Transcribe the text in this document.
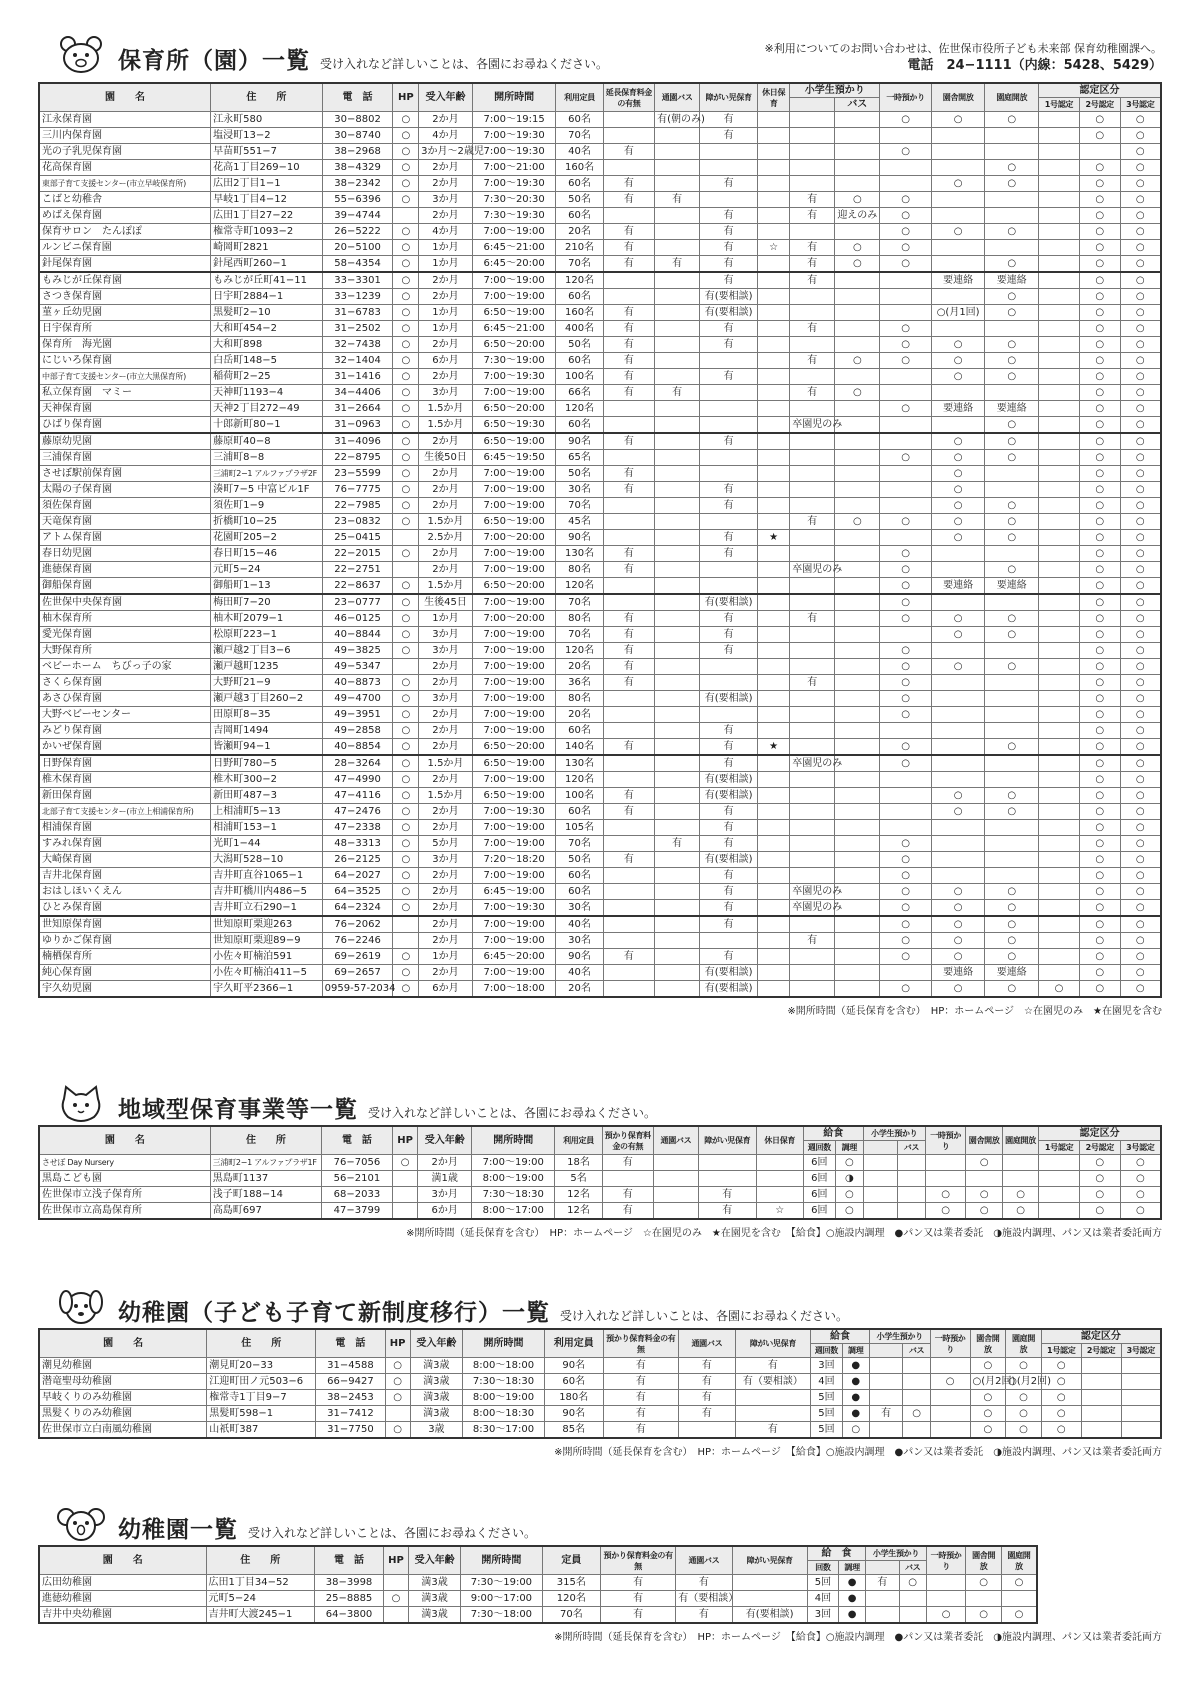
保育所（園）一覧 受け入れなど詳しいことは、各園にお尋ねください。
※利用についてのお問い合わせは、佐世保市役所子ども未来部 保育幼稚園課へ。
電話　24−1111（内線：5428、5429）
園　　名	住　　所	電　話	HP	受入年齢	開所時間	利用定員	延長保育料金の有無	通園バス	障がい児保育	休日保育	小学生預かり		一時預かり	園舎開放	園庭開放	認定区分		
												バス				1号認定	2号認定	3号認定
江永保育園	江永町580	30−8802	○	2か月	7:00〜19:15	60名		有(朝のみ)	有				○	○	○		○	○
三川内保育園	塩浸町13−2	30−8740	○	4か月	7:00〜19:30	70名			有								○	○
光の子乳児保育園	早苗町551−7	38−2968	○	3か月〜2歳児	7:00〜19:30	40名	有						○					○
花高保育園	花高1丁目269−10	38−4329	○	2か月	7:00〜21:00	160名									○		○	○
東部子育て支援センター(市立早岐保育所)	広田2丁目1−1	38−2342	○	2か月	7:00〜19:30	60名	有		有					○	○		○	○
こばと幼稚舎	早岐1丁目4−12	55−6396	○	3か月	7:30〜20:30	50名	有	有			有	○	○				○	○
めばえ保育園	広田1丁目27−22	39−4744		2か月	7:30〜19:30	60名			有		有	迎えのみ	○				○	○
保育サロン　たんぽぽ	権常寺町1093−2	26−5222	○	4か月	7:00〜19:00	20名	有		有				○	○	○		○	○
ルンビニ保育園	崎岡町2821	20−5100	○	1か月	6:45〜21:00	210名	有		有	☆	有	○	○				○	○
針尾保育園	針尾西町260−1	58−4354	○	1か月	6:45〜20:00	70名	有	有	有		有	○	○		○		○	○
もみじが丘保育園	もみじが丘町41−11	33−3301	○	2か月	7:00〜19:00	120名			有		有			要連絡	要連絡		○	○
さつき保育園	日宇町2884−1	33−1239	○	2か月	7:00〜19:00	60名			有(要相談)						○		○	○
菫ヶ丘幼児園	黒髪町2−10	31−6783	○	1か月	6:50〜19:00	160名	有		有(要相談)					○(月1回)	○		○	○
日宇保育所	大和町454−2	31−2502	○	1か月	6:45〜21:00	400名	有		有		有		○				○	○
保育所　海光園	大和町898	32−7438	○	2か月	6:50〜20:00	50名	有		有				○	○	○		○	○
にじいろ保育園	白岳町148−5	32−1404	○	6か月	7:30〜19:00	60名	有				有	○	○	○	○		○	○
中部子育て支援センター(市立大黒保育所)	稲荷町2−25	31−1416	○	2か月	7:00〜19:30	100名	有		有					○	○		○	○
私立保育園　マミー	天神町1193−4	34−4406	○	3か月	7:00〜19:00	66名	有	有			有	○					○	○
天神保育園	天神2丁目272−49	31−2664	○	1.5か月	6:50〜20:00	120名							○	要連絡	要連絡		○	○
ひばり保育園	十郎新町80−1	31−0963	○	1.5か月	6:50〜19:30	60名					卒園児のみ				○		○	○
藤原幼児園	藤原町40−8	31−4096	○	2か月	6:50〜19:00	90名	有		有					○	○		○	○
三浦保育園	三浦町8−8	22−8795	○	生後50日	6:45〜19:50	65名							○	○	○		○	○
させぼ駅前保育園	三浦町2−1 アルファプラザ2F	23−5599	○	2か月	7:00〜19:00	50名	有							○			○	○
太陽の子保育園	湊町7−5 中富ビル1F	76−7775	○	2か月	7:00〜19:00	30名	有		有					○			○	○
須佐保育園	須佐町1−9	22−7985	○	2か月	7:00〜19:00	70名			有					○	○		○	○
天竜保育園	折橋町10−25	23−0832	○	1.5か月	6:50〜19:00	45名					有	○	○	○	○		○	○
アトム保育園	花園町205−2	25−0415		2.5か月	7:00〜20:00	90名			有	★				○	○		○	○
春日幼児園	春日町15−46	22−2015	○	2か月	7:00〜19:00	130名	有		有				○				○	○
進徳保育園	元町5−24	22−2751		2か月	7:00〜19:00	80名	有				卒園児のみ		○		○		○	○
御船保育園	御船町1−13	22−8637	○	1.5か月	6:50〜20:00	120名							○	要連絡	要連絡		○	○
佐世保中央保育園	梅田町7−20	23−0777	○	生後45日	7:00〜19:00	70名			有(要相談)				○				○	○
柚木保育所	柚木町2079−1	46−0125	○	1か月	7:00〜20:00	80名	有		有		有		○	○	○		○	○
愛光保育園	松原町223−1	40−8844	○	3か月	7:00〜19:00	70名	有		有					○	○		○	○
大野保育所	瀬戸越2丁目3−6	49−3825	○	3か月	7:00〜19:00	120名	有		有				○				○	○
ベビーホーム　ちびっ子の家	瀬戸越町1235	49−5347		2か月	7:00〜19:00	20名	有						○	○	○		○	○
さくら保育園	大野町21−9	40−8873	○	2か月	7:00〜19:00	36名	有				有		○				○	○
あさひ保育園	瀬戸越3丁目260−2	49−4700	○	3か月	7:00〜19:00	80名			有(要相談)				○				○	○
大野ベビーセンター	田原町8−35	49−3951	○	2か月	7:00〜19:00	20名							○				○	○
みどり保育園	吉岡町1494	49−2858	○	2か月	7:00〜19:00	60名			有								○	○
かいぜ保育園	皆瀬町94−1	40−8854	○	2か月	6:50〜20:00	140名	有		有	★			○		○		○	○
日野保育園	日野町780−5	28−3264	○	1.5か月	6:50〜19:00	130名			有		卒園児のみ		○				○	○
椎木保育園	椎木町300−2	47−4990	○	2か月	7:00〜19:00	120名			有(要相談)								○	○
新田保育園	新田町487−3	47−4116	○	1.5か月	6:50〜19:00	100名	有		有(要相談)					○	○		○	○
北部子育て支援センター(市立上相浦保育所)	上相浦町5−13	47−2476	○	2か月	7:00〜19:30	60名	有		有					○	○		○	○
相浦保育園	相浦町153−1	47−2338	○	2か月	7:00〜19:00	105名			有								○	○
すみれ保育園	光町1−44	48−3313	○	5か月	7:00〜19:00	70名		有	有				○				○	○
大崎保育園	大潟町528−10	26−2125	○	3か月	7:20〜18:20	50名	有		有(要相談)				○				○	○
吉井北保育園	吉井町直谷1065−1	64−2027	○	2か月	7:00〜19:00	60名			有				○				○	○
おはしほいくえん	吉井町橋川内486−5	64−3525	○	2か月	6:45〜19:00	60名			有		卒園児のみ		○	○	○		○	○
ひとみ保育園	吉井町立石290−1	64−2324	○	2か月	7:00〜19:30	30名			有		卒園児のみ		○	○	○		○	○
世知原保育園	世知原町栗迎263	76−2062		2か月	7:00〜19:00	40名			有				○	○	○		○	○
ゆりかご保育園	世知原町栗迎89−9	76−2246		2か月	7:00〜19:00	30名					有		○	○	○		○	○
楠栖保育所	小佐々町楠泊591	69−2619	○	1か月	6:45〜20:00	90名	有		有				○	○	○		○	○
純心保育園	小佐々町楠泊411−5	69−2657	○	2か月	7:00〜19:00	40名			有(要相談)					要連絡	要連絡		○	○
宇久幼児園	宇久町平2366−1	0959-57-2034	○	6か月	7:00〜18:00	20名			有(要相談)				○	○	○	○	○	○
※開所時間（延長保育を含む）　HP：ホームページ　☆在園児のみ　★在園児を含む
地域型保育事業等一覧 受け入れなど詳しいことは、各園にお尋ねください。
園　　名	住　　所	電　話	HP	受入年齢	開所時間	利用定員	預かり保育料金の有無	通園バス	障がい児保育	休日保育	給食		小学生預かり		一時預かり	園舎開放	園庭開放	認定区分		
											週回数	調理		バス				1号認定	2号認定	3号認定
させぼ Day Nursery	三浦町2−1 アルファプラザ1F	76−7056	○	2か月	7:00〜19:00	18名	有				6回	○				○			○	○
黒島こども園	黒島町1137	56−2101		満1歳	8:00〜19:00	5名					6回	◑							○	○
佐世保市立浅子保育所	浅子町188−14	68−2033		3か月	7:30〜18:30	12名	有		有		6回	○			○	○	○		○	○
佐世保市立高島保育所	高島町697	47−3799		6か月	8:00〜17:00	12名	有		有	☆	6回	○			○	○	○		○	○
※開所時間（延長保育を含む）　HP：ホームページ　☆在園児のみ　★在園児を含む　【給食】○施設内調理　●パン又は業者委託　◑施設内調理、パン又は業者委託両方
幼稚園（子ども子育て新制度移行）一覧 受け入れなど詳しいことは、各園にお尋ねください。
園　　名	住　　所	電　話	HP	受入年齢	開所時間	利用定員	預かり保育料金の有無	通園バス	障がい児保育	給食		小学生預かり		一時預かり	園舎開放	園庭開放	認定区分		
										週回数	調理		バス				1号認定	2号認定	3号認定
潮見幼稚園	潮見町20−33	31−4588	○	満3歳	8:00〜18:00	90名	有	有	有	3回	●				○	○	○		
潜竜聖母幼稚園	江迎町田ノ元503−6	66−9427	○	満3歳	7:30〜18:30	60名	有	有	有（要相談）	4回	●			○	○(月2回)	○(月2回)	○		
早岐くりのみ幼稚園	権常寺1丁目9−7	38−2453	○	満3歳	8:00〜19:00	180名	有	有		5回	●				○	○	○		
黒髪くりのみ幼稚園	黒髪町598−1	31−7412		満3歳	8:00〜18:30	90名	有	有		5回	●	有	○		○	○	○		
佐世保市立白南風幼稚園	山祇町387	31−7750	○	3歳	8:30〜17:00	85名	有		有	5回	○				○	○	○		
※開所時間（延長保育を含む）　HP：ホームページ　【給食】○施設内調理　●パン又は業者委託　◑施設内調理、パン又は業者委託両方
幼稚園一覧 受け入れなど詳しいことは、各園にお尋ねください。
園　　名	住　　所	電　話	HP	受入年齢	開所時間	定員	預かり保育料金の有無	通園バス	障がい児保育	給　食		小学生預かり		一時預かり	園舎開放	園庭開放
										回数	調理		バス			
広田幼稚園	広田1丁目34−52	38−3998		満3歳	7:30〜19:00	315名	有	有		5回	●	有	○		○	○
進徳幼稚園	元町5−24	25−8885	○	満3歳	9:00〜17:00	120名	有	有（要相談）		4回	●					
吉井中央幼稚園	吉井町大渡245−1	64−3800		満3歳	7:30〜18:00	70名	有	有	有(要相談)	3回	●			○	○	○
※開所時間（延長保育を含む）　HP：ホームページ　【給食】○施設内調理　●パン又は業者委託　◑施設内調理、パン又は業者委託両方
